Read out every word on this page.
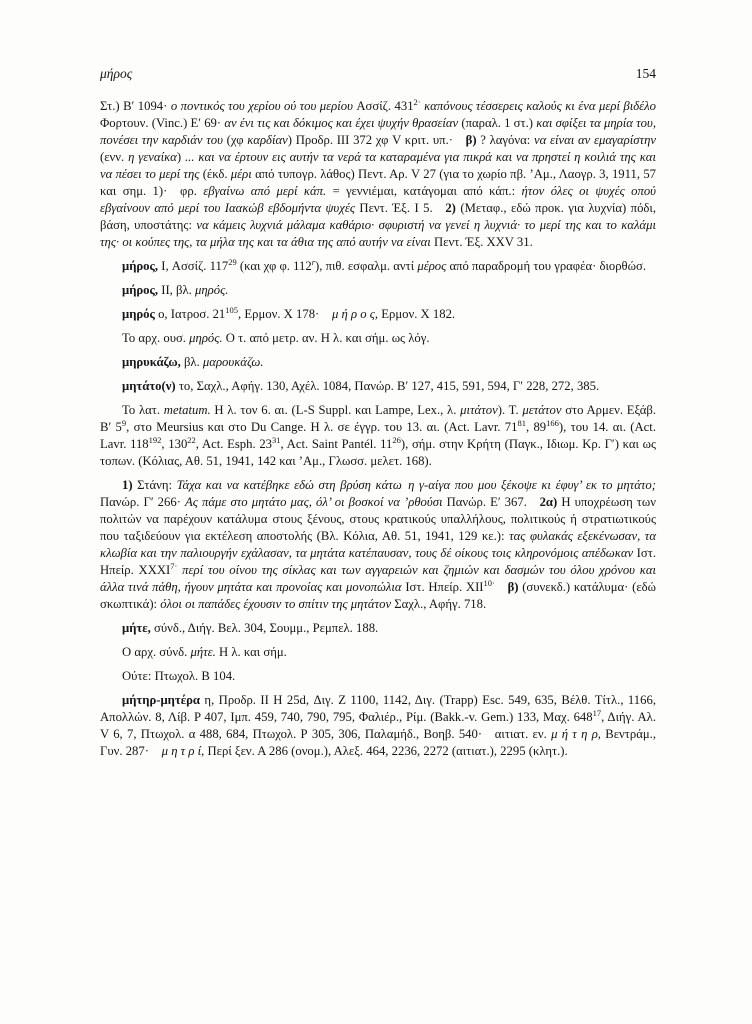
μήρος	154

Στ.) Β′ 1094· ο ποντικός του χερίου ού του μερίου Ασσίζ. $431^{2\cdot}$ καπόνους τέσσερεις καλούς κι ένα μερί βιδέλο Φορτουν. (Vinc.) Ε′ 69· αν ένι τις και δόκιμος και έχει ψυχήν θρασείαν (παραλ. 1 στ.) και σφίξει τα μηρία του, πονέσει την καρδιάν του (χφ καρδίαν) Προδρ. III 372 χφ V κριτ. υπ.· β) ? λαγόνα: να είναι αν εμαγαρίστην (ενν. η γεναίκα) ... και να έρτουν εις αυτήν τα νερά τα καταραμένα για πικρά και να πρηστεί η κοιλιά της και να πέσει το μερί της (έκδ. μέρι από τυπογρ. λάθος) Πεντ. Αρ. V 27 (για το χωρίο πβ. ʼΑμ., Λαογρ. 3, 1911, 57 και σημ. 1)· φρ. εβγαίνω από μερί κάπ. = γεννιέμαι, κατάγομαι από κάπ.: ήτον όλες οι ψυχές οπού εβγαίνουν από μερί του Ιαακώβ εβδομήντα ψυχές Πεντ. Έξ. I 5. 2) (Μεταφ., εδώ προκ. για λυχνία) πόδι, βάση, υποστάτης: να κάμεις λυχνιά μάλαμα καθάριο· σφυριστή να γενεί η λυχνιά· το μερί της και το καλάμι της· οι κούπες της, τα μήλα της και τα άθια της από αυτήν να είναι Πεντ. Έξ. XXV 31.

μήρος, I, Ασσίζ. $117^{29}$ (και χφ φ. 112$^r$), πιθ. εσφαλμ. αντί μέρος από παραδρομή του γραφέα· διορθώσ.

μήρος, II, βλ. μηρός.

μηρός ο, Ιατροσ. $21^{105}$, Ερμον. X 178· μ ή ρ ο ς, Ερμον. X 182.

Το αρχ. ουσ. μηρός. Ο τ. από μετρ. αν. Η λ. και σήμ. ως λόγ.

μηρυκάζω, βλ. μαρουκάζω.

μητάτο(ν) το, Σαχλ., Αφήγ. 130, Αχέλ. 1084, Πανώρ. Β′ 127, 415, 591, 594, Γ′ 228, 272, 385.

Το λατ. metatum. Η λ. τον 6. αι. (L-S Suppl. και Lampe, Lex., λ. μιτάτον). Τ. μετάτον στο Αρμεν. Εξάβ. Β′ $5^9$, στο Meursius και στο Du Cange. Η λ. σε έγγρ. του 13. αι. (Act. Lavr. $71^{81}$, $89^{166}$), του 14. αι. (Act. Lavr. $118^{192}$, $130^{22}$, Act. Esph. $23^{31}$, Act. Saint Pantél. $11^{26}$), σήμ. στην Κρήτη (Παγκ., Ιδιωμ. Κρ. Γ′) και ως τοπων. (Κόλιας, Αθ. 51, 1941, 142 και ʼΑμ., Γλωσσ. μελετ. 168).

1) Στάνη: Τάχα και να κατέβηκε εδώ στη βρύση κάτω η γ-αίγα που μου ξέκοψε κι έφυγ’ εκ το μητάτο; Πανώρ. Γ′ 266· Ας πάμε στο μητάτο μας, όλ’ οι βοσκοί να ’ρθούσι Πανώρ. Ε′ 367. 2α) Η υποχρέωση των πολιτών να παρέχουν κατάλυμα στους ξένους, στους κρατικούς υπαλλήλους, πολιτικούς ή στρατιωτικούς που ταξιδεύουν για εκτέλεση αποστολής (Βλ. Κόλια, Αθ. 51, 1941, 129 κε.): τας φυλακάς εξεκένωσαν, τα κλωβία και την παλιουργήν εχάλασαν, τα μητάτα κατέπαυσαν, τους δέ οίκους τοις κληρονόμοις απέδωκαν Ιστ. Ηπείρ. $XXXI^{7\cdot}$ περί του οίνου της σίκλας και των αγγαρειών και ζημιών και δασμών του όλου χρόνου και άλλα τινά πάθη, ήγουν μητάτα και προνοίας και μονοπώλια Ιστ. Ηπείρ. $XII^{10\cdot}$  β) (συνεκδ.) κατάλυμα· (εδώ σκωπτικά): όλοι οι παπάδες έχουσιν το σπίτιν της μητάτον Σαχλ., Αφήγ. 718.

μήτε, σύνδ., Διήγ. Βελ. 304, Σουμμ., Ρεμπελ. 188.

Ο αρχ. σύνδ. μήτε. Η λ. και σήμ.

Ούτε: Πτωχολ. Β 104.

μήτηρ-μητέρα η, Προδρ. II Η 25d, Διγ. Ζ 1100, 1142, Διγ. (Trapp) Esc. 549, 635, Βέλθ. Τίτλ., 1166, Απολλών. 8, Λίβ. P 407, Ιμπ. 459, 740, 790, 795, Φαλιέρ., Ρίμ. (Bakk.-v. Gem.) 133, Μαχ. $648^{17}$, Διήγ. Αλ. V 6, 7, Πτωχολ. α 488, 684, Πτωχολ. Ρ 305, 306, Παλαμήδ., Βοηβ. 540· αιτιατ. εν. μ ή τ η ρ, Βεντράμ., Γυν. 287· μ η τ ρ ί, Περί ξεν. Α 286 (ονομ.), Αλεξ. 464, 2236, 2272 (αιτιατ.), 2295 (κλητ.).
